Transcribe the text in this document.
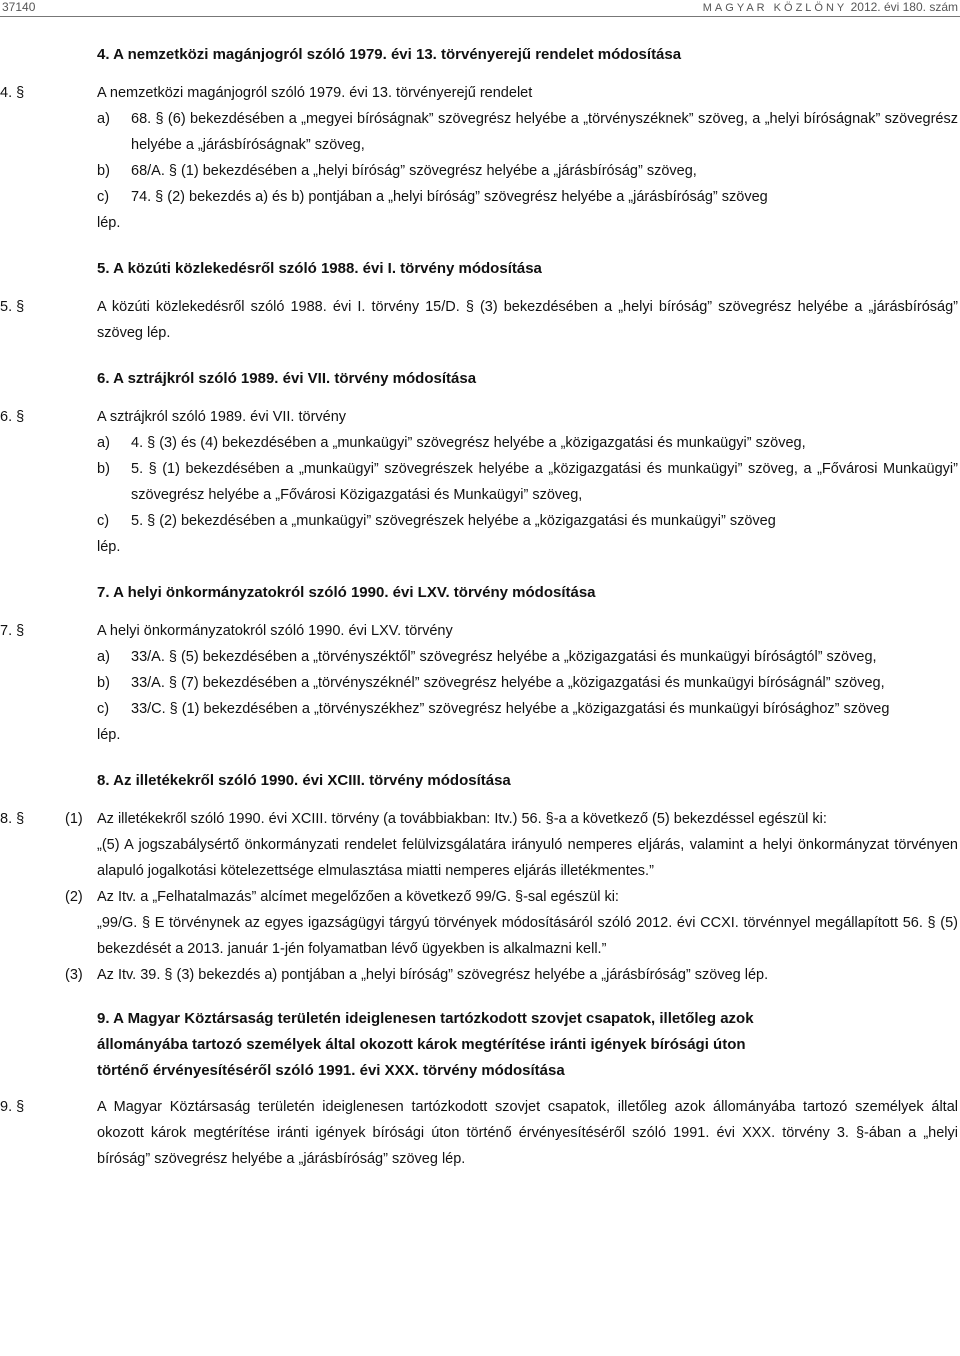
37140	MAGYAR KÖZLÖNY 2012. évi 180. szám
4. A nemzetközi magánjogról szóló 1979. évi 13. törvényerejű rendelet módosítása
4. §	A nemzetközi magánjogról szóló 1979. évi 13. törvényerejű rendelet
a) 68. § (6) bekezdésében a „megyei bíróságnak” szövegrész helyébe a „törvényszéknek” szöveg, a „helyi bíróságnak” szövegrész helyébe a „járásbíróságnak” szöveg,
b) 68/A. § (1) bekezdésében a „helyi bíróság” szövegrész helyébe a „járásbíróság” szöveg,
c) 74. § (2) bekezdés a) és b) pontjában a „helyi bíróság” szövegrész helyébe a „járásbíróság” szöveg
lép.
5. A közúti közlekedésről szóló 1988. évi I. törvény módosítása
5. §	A közúti közlekedésről szóló 1988. évi I. törvény 15/D. § (3) bekezdésében a „helyi bíróság” szövegrész helyébe a „járásbíróság” szöveg lép.
6. A sztrájkról szóló 1989. évi VII. törvény módosítása
6. §	A sztrájkról szóló 1989. évi VII. törvény
a) 4. § (3) és (4) bekezdésében a „munkaügyi” szövegrész helyébe a „közigazgatási és munkaügyi” szöveg,
b) 5. § (1) bekezdésében a „munkaügyi” szövegrészek helyébe a „közigazgatási és munkaügyi” szöveg, a „Fővárosi Munkaügyi” szövegrész helyébe a „Fővárosi Közigazgatási és Munkaügyi” szöveg,
c) 5. § (2) bekezdésében a „munkaügyi” szövegrészek helyébe a „közigazgatási és munkaügyi” szöveg
lép.
7. A helyi önkormányzatokról szóló 1990. évi LXV. törvény módosítása
7. §	A helyi önkormányzatokról szóló 1990. évi LXV. törvény
a) 33/A. § (5) bekezdésében a „törvényszéktől” szövegrész helyébe a „közigazgatási és munkaügyi bíróságtól” szöveg,
b) 33/A. § (7) bekezdésében a „törvényszéknél” szövegrész helyébe a „közigazgatási és munkaügyi bíróságnál” szöveg,
c) 33/C. § (1) bekezdésében a „törvényszékhez” szövegrész helyébe a „közigazgatási és munkaügyi bírósághoz” szöveg
lép.
8. Az illetékekről szóló 1990. évi XCIII. törvény módosítása
8. §	(1) Az illetékekről szóló 1990. évi XCIII. törvény (a továbbiakban: Itv.) 56. §-a a következő (5) bekezdéssel egészül ki:
„(5) A jogszabálysértő önkormányzati rendelet felülvizsgálatára irányuló nemperes eljárás, valamint a helyi önkormányzat törvényen alapuló jogalkotási kötelezettsége elmulasztása miatti nemperes eljárás illetékmentes.”
(2) Az Itv. a „Felhatalmazás” alcímet megelőzően a következő 99/G. §-sal egészül ki:
„99/G. § E törvénynek az egyes igazságügyi tárgyú törvények módosításáról szóló 2012. évi CCXI. törvénnyel megállapított 56. § (5) bekezdését a 2013. január 1-jén folyamatban lévő ügyekben is alkalmazni kell.”
(3) Az Itv. 39. § (3) bekezdés a) pontjában a „helyi bíróság” szövegrész helyébe a „járásbíróság” szöveg lép.
9. A Magyar Köztársaság területén ideiglenesen tartózkodott szovjet csapatok, illetőleg azok állományába tartozó személyek által okozott károk megtérítése iránti igények bírósági úton történő érvényesítéséről szóló 1991. évi XXX. törvény módosítása
9. §	A Magyar Köztársaság területén ideiglenesen tartózkodott szovjet csapatok, illetőleg azok állományába tartozó személyek által okozott károk megtérítése iránti igények bírósági úton történő érvényesítéséről szóló 1991. évi XXX. törvény 3. §-ában a „helyi bíróság” szövegrész helyébe a „járásbíróság” szöveg lép.
